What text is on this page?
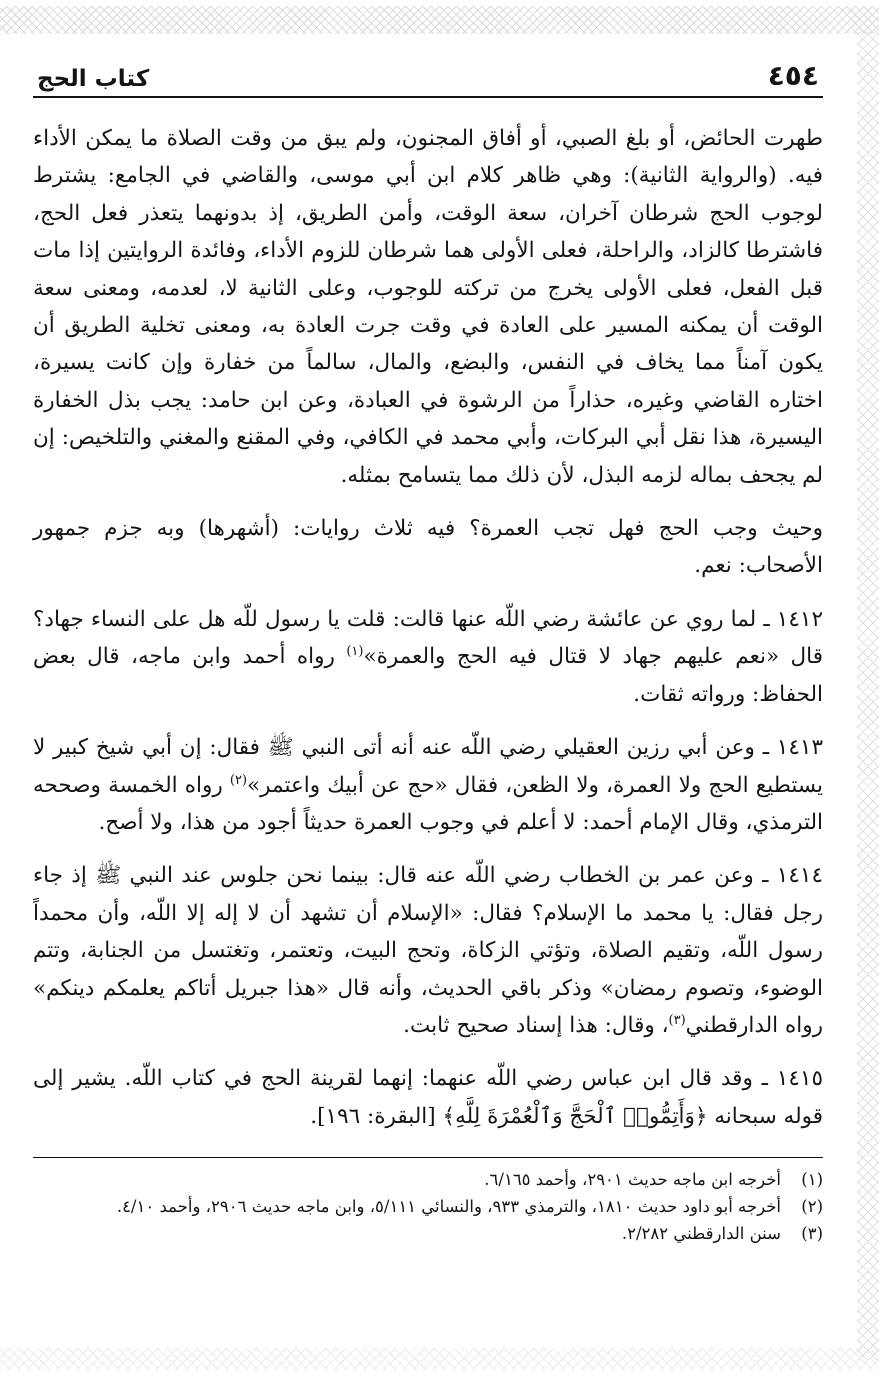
٤٥٤
كتاب الحج

طهرت الحائض، أو بلغ الصبي، أو أفاق المجنون، ولم يبق من وقت الصلاة ما يمكن الأداء فيه. (والرواية الثانية): وهي ظاهر كلام ابن أبي موسى، والقاضي في الجامع: يشترط لوجوب الحج شرطان آخران، سعة الوقت، وأمن الطريق، إذ بدونهما يتعذر فعل الحج، فاشترطا كالزاد، والراحلة، فعلى الأولى هما شرطان للزوم الأداء، وفائدة الروايتين إذا مات قبل الفعل، فعلى الأولى يخرج من تركته للوجوب، وعلى الثانية لا، لعدمه، ومعنى سعة الوقت أن يمكنه المسير على العادة في وقت جرت العادة به، ومعنى تخلية الطريق أن يكون آمناً مما يخاف في النفس، والبضع، والمال، سالماً من خفارة وإن كانت يسيرة، اختاره القاضي وغيره، حذاراً من الرشوة في العبادة، وعن ابن حامد: يجب بذل الخفارة اليسيرة، هذا نقل أبي البركات، وأبي محمد في الكافي، وفي المقنع والمغني والتلخيص: إن لم يجحف بماله لزمه البذل، لأن ذلك مما يتسامح بمثله.

وحيث وجب الحج فهل تجب العمرة؟ فيه ثلاث روايات: (أشهرها) وبه جزم جمهور الأصحاب: نعم.

١٤١٢ ـ لما روي عن عائشة رضي اللّه عنها قالت: قلت يا رسول للّه هل على النساء جهاد؟ قال «نعم عليهم جهاد لا قتال فيه الحج والعمرة»$^{(١)}$ رواه أحمد وابن ماجه، قال بعض الحفاظ: ورواته ثقات.

١٤١٣ ـ وعن أبي رزين العقيلي رضي اللّه عنه أنه أتى النبي ﷺ فقال: إن أبي شيخ كبير لا يستطيع الحج ولا العمرة، ولا الظعن، فقال «حج عن أبيك واعتمر»$^{(٢)}$ رواه الخمسة وصححه الترمذي، وقال الإمام أحمد: لا أعلم في وجوب العمرة حديثاً أجود من هذا، ولا أصح.

١٤١٤ ـ وعن عمر بن الخطاب رضي اللّه عنه قال: بينما نحن جلوس عند النبي ﷺ إذ جاء رجل فقال: يا محمد ما الإسلام؟ فقال: «الإسلام أن تشهد أن لا إله إلا اللّه، وأن محمداً رسول اللّه، وتقيم الصلاة، وتؤتي الزكاة، وتحج البيت، وتعتمر، وتغتسل من الجنابة، وتتم الوضوء، وتصوم رمضان» وذكر باقي الحديث، وأنه قال «هذا جبريل أتاكم يعلمكم دينكم» رواه الدارقطني$^{(٣)}$، وقال: هذا إسناد صحيح ثابت.

١٤١٥ ـ وقد قال ابن عباس رضي اللّه عنهما: إنهما لقرينة الحج في كتاب اللّه. يشير إلى قوله سبحانه ﴿وَأَتِمُّوا۟ ٱلْحَجَّ وَٱلْعُمْرَةَ لِلَّهِ﴾ [البقرة: ١٩٦].

(١)
أخرجه ابن ماجه حديث ٢٩٠١، وأحمد ٦/١٦٥.
(٢)
أخرجه أبو داود حديث ١٨١٠، والترمذي ٩٣٣، والنسائي ٥/١١١، وابن ماجه حديث ٢٩٠٦، وأحمد ٤/١٠.
(٣)
سنن الدارقطني ٢/٢٨٢.
